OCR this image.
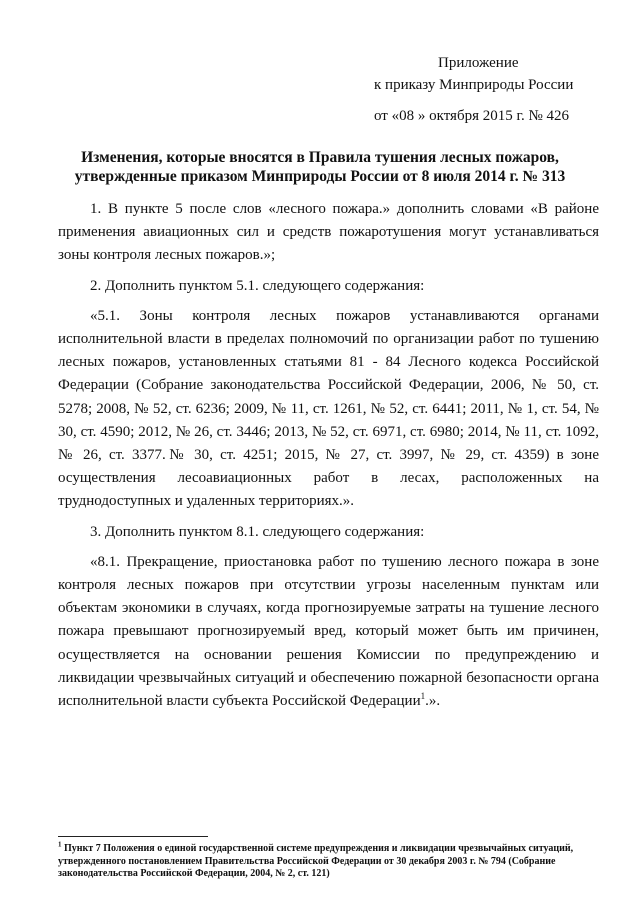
Приложение
к приказу Минприроды России
от «08 » октября 2015 г. № 426
Изменения, которые вносятся в Правила тушения лесных пожаров,
утвержденные приказом Минприроды России от 8 июля 2014 г. № 313

1. В пункте 5 после слов «лесного пожара.» дополнить словами «В районе применения авиационных сил и средств пожаротушения могут устанавливаться зоны контроля лесных пожаров.»;

2. Дополнить пунктом 5.1. следующего содержания:

«5.1. Зоны контроля лесных пожаров устанавливаются органами исполнительной власти в пределах полномочий по организации работ по тушению лесных пожаров, установленных статьями 81 - 84 Лесного кодекса Российской Федерации (Собрание законодательства Российской Федерации, 2006, № 50, ст. 5278; 2008, № 52, ст. 6236; 2009, № 11, ст. 1261, № 52, ст. 6441; 2011, № 1, ст. 54, № 30, ст. 4590; 2012, № 26, ст. 3446; 2013, № 52, ст. 6971, ст. 6980; 2014, № 11, ст. 1092, № 26, ст. 3377.№ 30, ст. 4251; 2015, № 27, ст. 3997, № 29, ст. 4359) в зоне осуществления лесоавиационных работ в лесах, расположенных на труднодоступных и удаленных территориях.».

3. Дополнить пунктом 8.1. следующего содержания:

«8.1. Прекращение, приостановка работ по тушению лесного пожара в зоне контроля лесных пожаров при отсутствии угрозы населенным пунктам или объектам экономики в случаях, когда прогнозируемые затраты на тушение лесного пожара превышают прогнозируемый вред, который может быть им причинен, осуществляется на основании решения Комиссии по предупреждению и ликвидации чрезвычайных ситуаций и обеспечению пожарной безопасности органа исполнительной власти субъекта Российской Федерации$^1$.».

$^1$ Пункт 7 Положения о единой государственной системе предупреждения и ликвидации чрезвычайных ситуаций, утвержденного постановлением Правительства Российской Федерации от 30 декабря 2003 г. № 794 (Собрание законодательства Российской Федерации, 2004, № 2, ст. 121)
